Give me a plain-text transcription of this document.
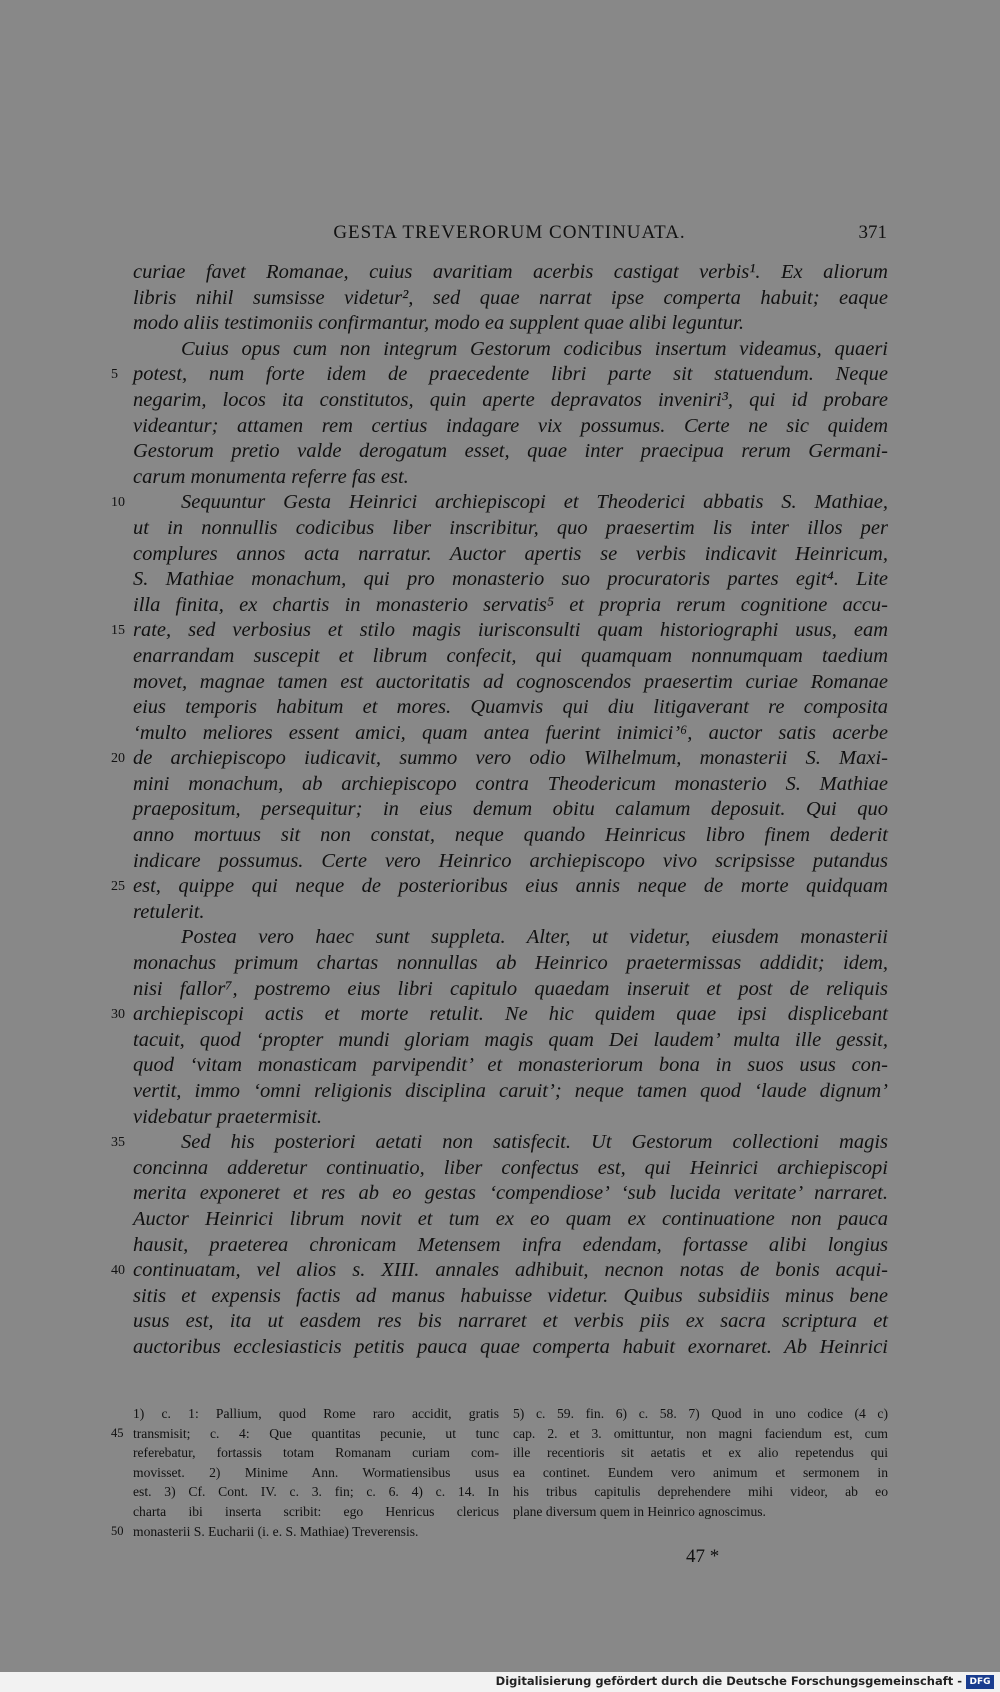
GESTA TREVERORUM CONTINUATA.	371
curiae favet Romanae, cuius avaritiam acerbis castigat verbis¹. Ex aliorum
libris nihil sumsisse videtur², sed quae narrat ipse comperta habuit; eaque
modo aliis testimoniis confirmantur, modo ea supplent quae alibi leguntur.
Cuius opus cum non integrum Gestorum codicibus insertum videamus, quaeri
5 potest, num forte idem de praecedente libri parte sit statuendum. Neque
negarim, locos ita constitutos, quin aperte depravatos inveniri³, qui id probare
videantur; attamen rem certius indagare vix possumus. Certe ne sic quidem
Gestorum pretio valde derogatum esset, quae inter praecipua rerum Germani-
carum monumenta referre fas est.
10	Sequuntur Gesta Heinrici archiepiscopi et Theoderici abbatis S. Mathiae,
ut in nonnullis codicibus liber inscribitur, quo praesertim lis inter illos per
complures annos acta narratur. Auctor apertis se verbis indicavit Heinricum,
S. Mathiae monachum, qui pro monasterio suo procuratoris partes egit⁴. Lite
illa finita, ex chartis in monasterio servatis⁵ et propria rerum cognitione accu-
15 rate, sed verbosius et stilo magis iurisconsulti quam historiographi usus, eam
enarrandam suscepit et librum confecit, qui quamquam nonnumquam taedium
movet, magnae tamen est auctoritatis ad cognoscendos praesertim curiae Romanae
eius temporis habitum et mores. Quamvis qui diu litigaverant re composita
‘multo meliores essent amici, quam antea fuerint inimici’⁶, auctor satis acerbe
20 de archiepiscopo iudicavit, summo vero odio Wilhelmum, monasterii S. Maxi-
mini monachum, ab archiepiscopo contra Theodericum monasterio S. Mathiae
praepositum, persequitur; in eius demum obitu calamum deposuit. Qui quo
anno mortuus sit non constat, neque quando Heinricus libro finem dederit
indicare possumus. Certe vero Heinrico archiepiscopo vivo scripsisse putandus
25 est, quippe qui neque de posterioribus eius annis neque de morte quidquam
retulerit.
Postea vero haec sunt suppleta. Alter, ut videtur, eiusdem monasterii
monachus primum chartas nonnullas ab Heinrico praetermissas addidit; idem,
nisi fallor⁷, postremo eius libri capitulo quaedam inseruit et post de reliquis
30 archiepiscopi actis et morte retulit. Ne hic quidem quae ipsi displicebant
tacuit, quod ‘propter mundi gloriam magis quam Dei laudem’ multa ille gessit,
quod ‘vitam monasticam parvipendit’ et monasteriorum bona in suos usus con-
vertit, immo ‘omni religionis disciplina caruit’; neque tamen quod ‘laude dignum’
videbatur praetermisit.
35	Sed his posteriori aetati non satisfecit. Ut Gestorum collectioni magis
concinna adderetur continuatio, liber confectus est, qui Heinrici archiepiscopi
merita exponeret et res ab eo gestas ‘compendiose’ ‘sub lucida veritate’ narraret.
Auctor Heinrici librum novit et tum ex eo quam ex continuatione non pauca
hausit, praeterea chronicam Metensem infra edendam, fortasse alibi longius
40 continuatam, vel alios s. XIII. annales adhibuit, necnon notas de bonis acqui-
sitis et expensis factis ad manus habuisse videtur. Quibus subsidiis minus bene
usus est, ita ut easdem res bis narraret et verbis piis ex sacra scriptura et
auctoribus ecclesiasticis petitis pauca quae comperta habuit exornaret. Ab Heinrici
1) c. 1: Pallium, quod Rome raro accidit, gratis
45 transmisit; c. 4: Que quantitas pecunie, ut tunc
referebatur, fortassis totam Romanam curiam com-
movisset. 2) Minime Ann. Wormatiensibus usus
est. 3) Cf. Cont. IV. c. 3. fin; c. 6. 4) c. 14. In
charta ibi inserta scribit: ego Henricus clericus
50 monasterii S. Eucharii (i. e. S. Mathiae) Treverensis.
5) c. 59. fin. 6) c. 58. 7) Quod in uno codice (4 c)
cap. 2. et 3. omittuntur, non magni faciendum est, cum
ille recentioris sit aetatis et ex alio repetendus qui
ea continet. Eundem vero animum et sermonem in
his tribus capitulis deprehendere mihi videor, ab eo
plane diversum quem in Heinrico agnoscimus.
47 *
Digitalisierung gefördert durch die Deutsche Forschungsgemeinschaft - DFG
